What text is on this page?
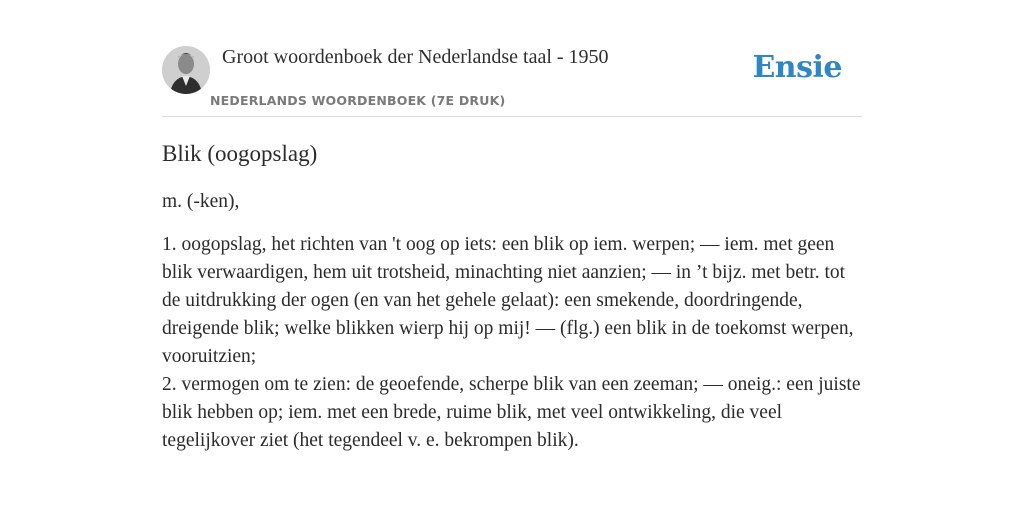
Groot woordenboek der Nederlandse taal - 1950
NEDERLANDS WOORDENBOEK (7E DRUK)
Ensie
Blik (oogopslag)
m. (-ken),

1. oogopslag, het richten van 't oog op iets: een blik op iem. werpen; — iem. met geen blik verwaardigen, hem uit trotsheid, minachting niet aanzien; — in ’t bijz. met betr. tot de uitdrukking der ogen (en van het gehele gelaat): een smekende, doordringende, dreigende blik; welke blikken wierp hij op mij! — (flg.) een blik in de toekomst werpen, vooruitzien;

2. vermogen om te zien: de geoefende, scherpe blik van een zeeman; — oneig.: een juiste blik hebben op; iem. met een brede, ruime blik, met veel ontwikkeling, die veel tegelijkover ziet (het tegendeel v. e. bekrompen blik).
